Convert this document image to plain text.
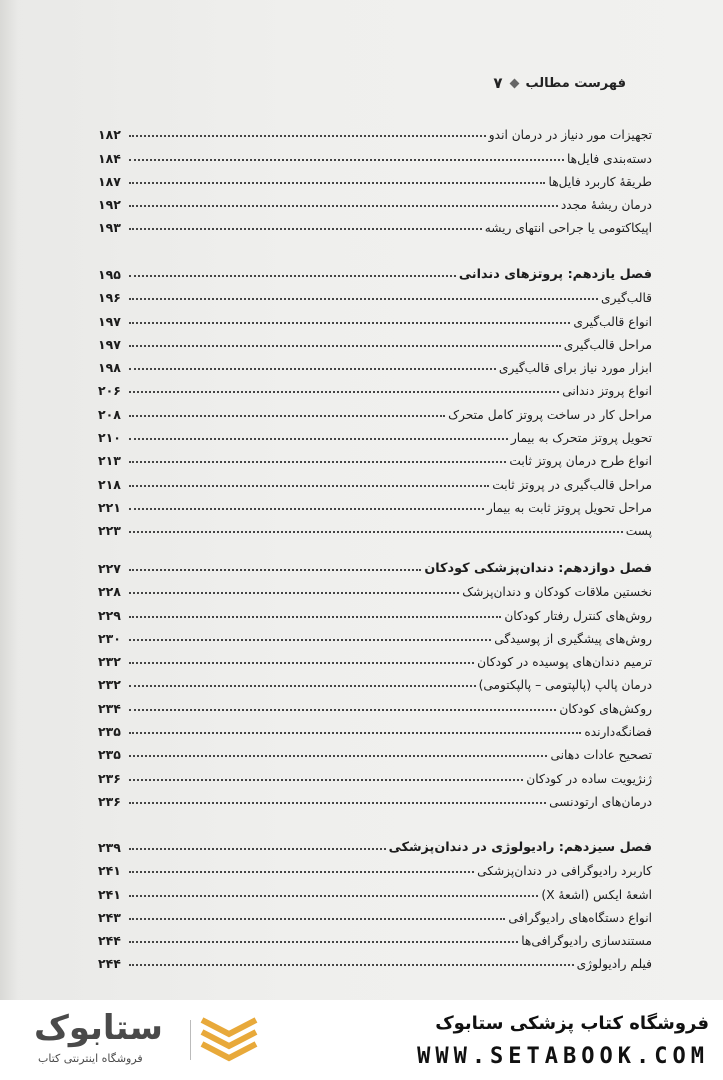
فهرست مطالب
۷
تجهیزات مور دنیاز در درمان اندو
۱۸۲
دسته‌بندی فایل‌ها
۱۸۴
طریقهٔ کاربرد فایل‌ها
۱۸۷
درمان ریشهٔ مجدد
۱۹۲
اپیکاکتومی یا جراحی انتهای ریشه
۱۹۳
فصل یازدهم: پروتزهای دندانی
۱۹۵
قالب‌گیری
۱۹۶
انواع قالب‌گیری
۱۹۷
مراحل قالب‌گیری
۱۹۷
ابزار مورد نیاز برای قالب‌گیری
۱۹۸
انواع پروتز دندانی
۲۰۶
مراحل کار در ساخت پروتز کامل متحرک
۲۰۸
تحویل پروتز متحرک به بیمار
۲۱۰
انواع طرح درمان پروتز ثابت
۲۱۳
مراحل قالب‌گیری در پروتز ثابت
۲۱۸
مراحل تحویل پروتز ثابت به بیمار
۲۲۱
پست
۲۲۳
فصل دوازدهم: دندان‌پزشکی کودکان
۲۲۷
نخستین ملاقات کودکان و دندان‌پزشک
۲۲۸
روش‌های کنترل رفتار کودکان
۲۲۹
روش‌های پیشگیری از پوسیدگی
۲۳۰
ترمیم دندان‌های پوسیده در کودکان
۲۳۲
درمان پالپ (پالپتومی – پالپکتومی)
۲۳۲
روکش‌های کودکان
۲۳۴
فضانگه‌دارنده
۲۳۵
تصحیح عادات دهانی
۲۳۵
ژنژیویت ساده در کودکان
۲۳۶
درمان‌های ارتودنسی
۲۳۶
فصل سیزدهم: رادیولوژی در دندان‌پزشکی
۲۳۹
کاربرد رادیوگرافی در دندان‌پزشکی
۲۴۱
اشعهٔ ایکس (اشعهٔ X)
۲۴۱
انواع دستگاه‌های رادیوگرافی
۲۴۳
مستندسازی رادیوگرافی‌ها
۲۴۴
فیلم رادیولوژی
۲۴۴
ستابوک
فروشگاه اینترنتی کتاب
فروشگاه کتاب پزشکی ستابوک
WWW.SETABOOK.COM
